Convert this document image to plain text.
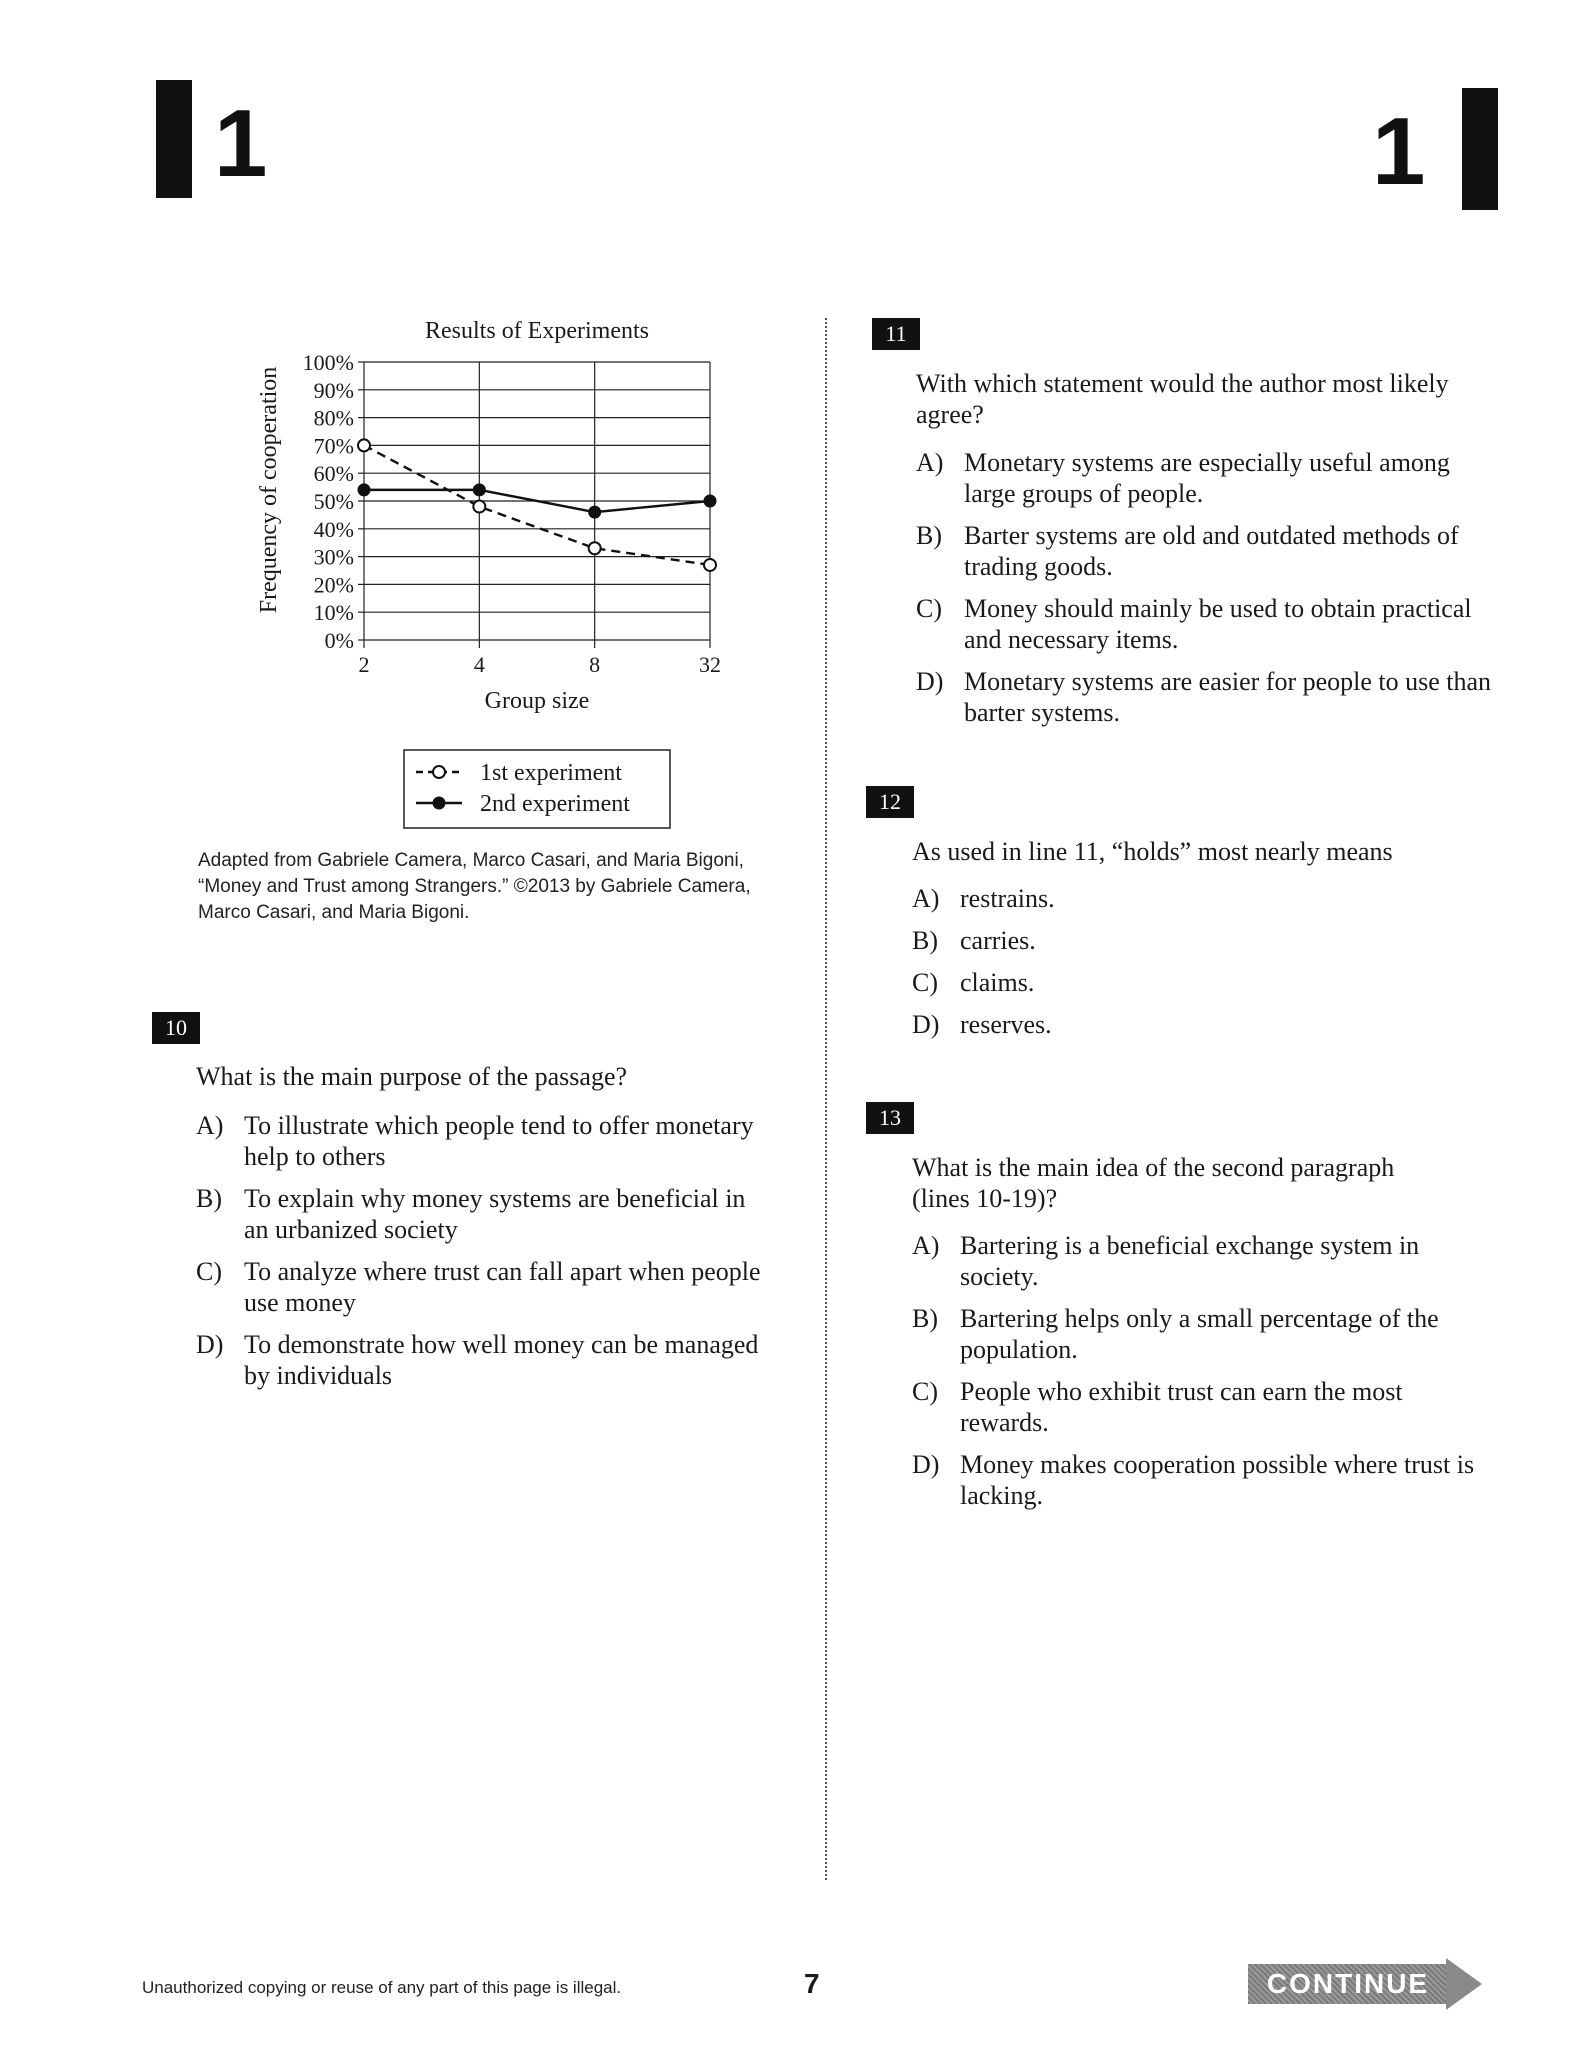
1	1
Results of Experiments
0%
10%
20%
30%
40%
50%
60%
70%
80%
90%
100%
2	4	8	32
Frequency of cooperation
Group size
1st experiment
2nd experiment
Adapted from Gabriele Camera, Marco Casari, and Maria Bigoni,
“Money and Trust among Strangers.” ©2013 by Gabriele Camera,
Marco Casari, and Maria Bigoni.
10
What is the main purpose of the passage?
A) To illustrate which people tend to offer monetary help to others
B) To explain why money systems are beneficial in an urbanized society
C) To analyze where trust can fall apart when people use money
D) To demonstrate how well money can be managed by individuals
11
With which statement would the author most likely agree?
A) Monetary systems are especially useful among large groups of people.
B) Barter systems are old and outdated methods of trading goods.
C) Money should mainly be used to obtain practical and necessary items.
D) Monetary systems are easier for people to use than barter systems.
12
As used in line 11, “holds” most nearly means
A) restrains.
B) carries.
C) claims.
D) reserves.
13
What is the main idea of the second paragraph (lines 10-19)?
A) Bartering is a beneficial exchange system in society.
B) Bartering helps only a small percentage of the population.
C) People who exhibit trust can earn the most rewards.
D) Money makes cooperation possible where trust is lacking.
Unauthorized copying or reuse of any part of this page is illegal.	7	CONTINUE
